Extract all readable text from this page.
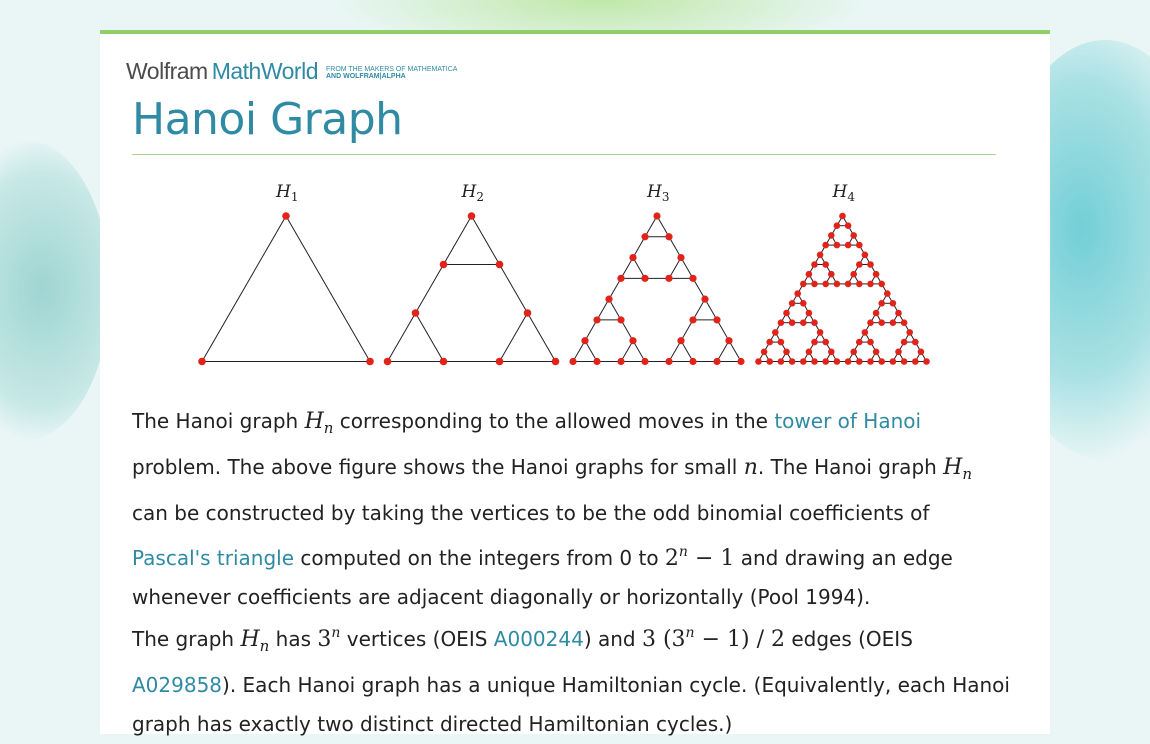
Wolfram MathWorld FROM THE MAKERS OF MATHEMATICA
AND WOLFRAM|ALPHA
Hanoi Graph
$H_1$	$H_2$	$H_3$	$H_4$

The Hanoi graph $H_n$ corresponding to the allowed moves in the tower of Hanoi problem. The above figure shows the Hanoi graphs for small n. The Hanoi graph $H_n$ can be constructed by taking the vertices to be the odd binomial coefficients of Pascal's triangle computed on the integers from 0 to $2^n - 1$ and drawing an edge whenever coefficients are adjacent diagonally or horizontally (Pool 1994).

The graph $H_n$ has 3$^n$ vertices (OEIS A000244) and 3 $(3^n - 1) / 2$ edges (OEIS A029858). Each Hanoi graph has a unique Hamiltonian cycle. (Equivalently, each Hanoi graph has exactly two distinct directed Hamiltonian cycles.)
